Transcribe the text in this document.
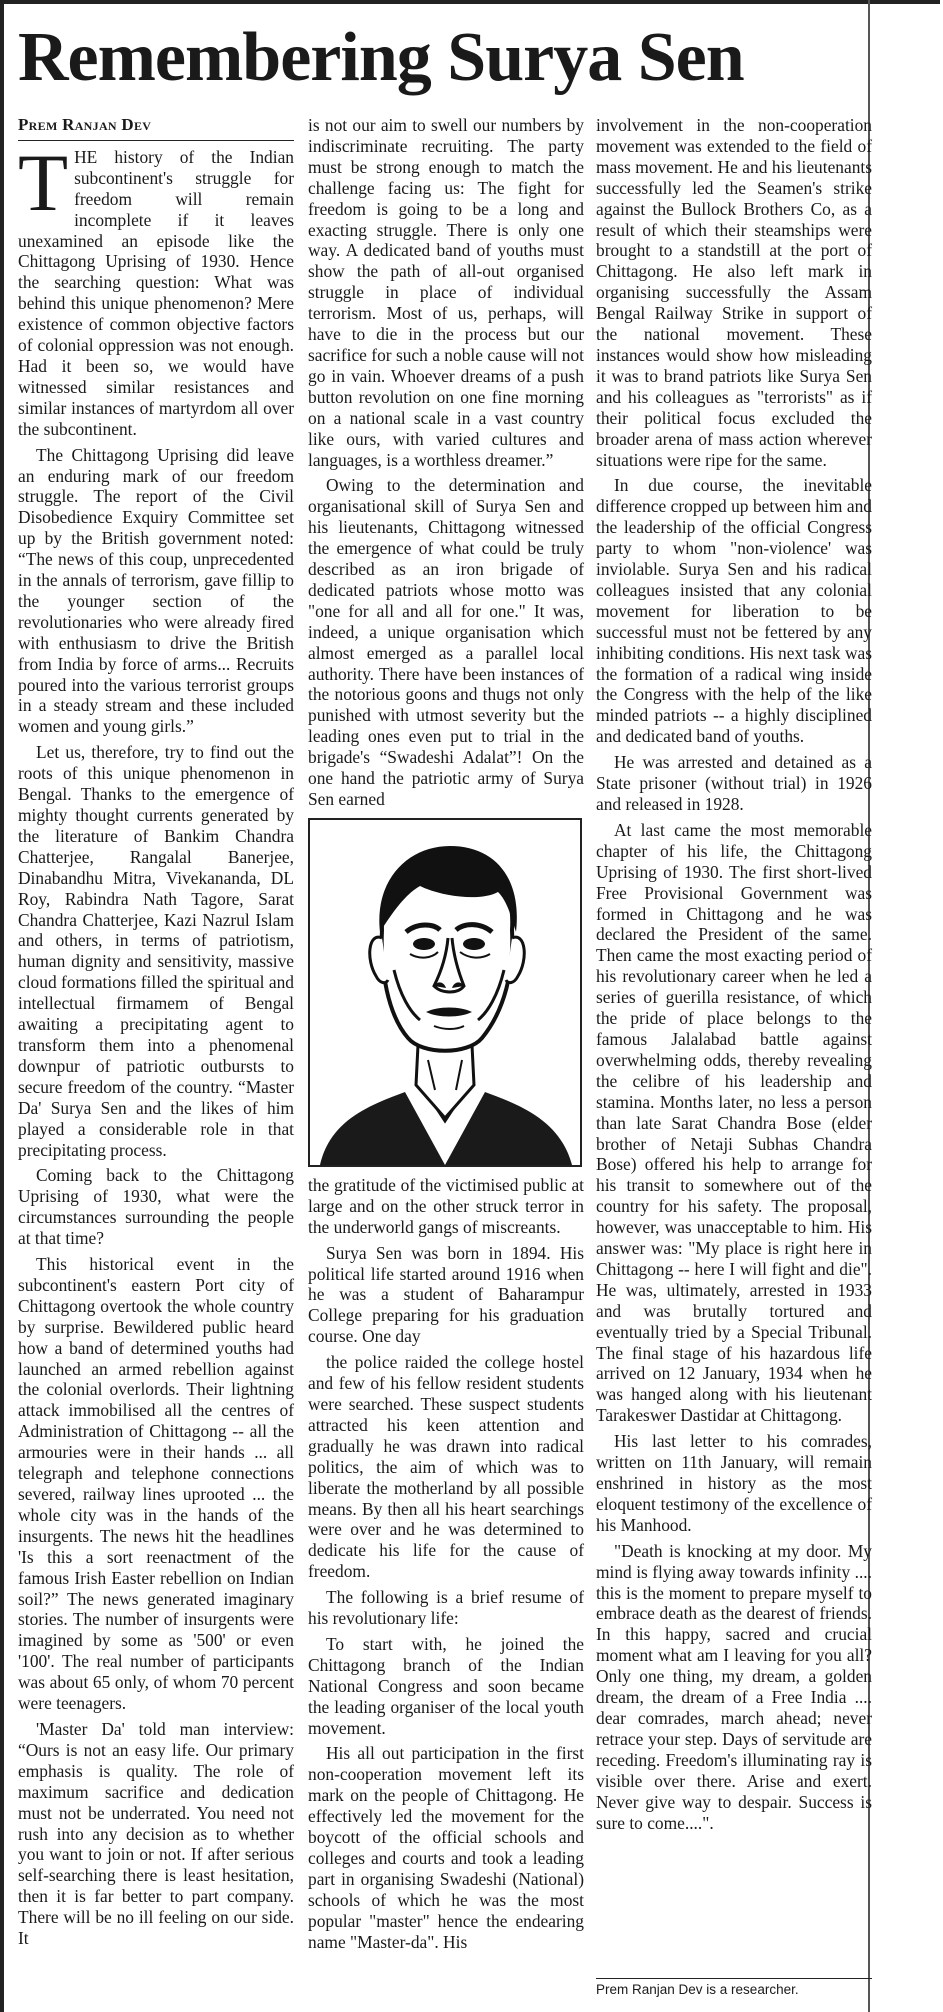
Remembering Surya Sen
Prem Ranjan Dev

THE history of the Indian subcontinent's struggle for freedom will remain incomplete if it leaves unexamined an episode like the Chittagong Uprising of 1930. Hence the searching question: What was behind this unique phenomenon? Mere existence of common objective factors of colonial oppression was not enough. Had it been so, we would have witnessed similar resistances and similar instances of martyrdom all over the subcontinent.

The Chittagong Uprising did leave an enduring mark of our freedom struggle. The report of the Civil Disobedience Exquiry Committee set up by the British government noted: “The news of this coup, unprecedented in the annals of terrorism, gave fillip to the younger section of the revolutionaries who were already fired with enthusiasm to drive the British from India by force of arms... Recruits poured into the various terrorist groups in a steady stream and these included women and young girls.”

Let us, therefore, try to find out the roots of this unique phenomenon in Bengal. Thanks to the emergence of mighty thought currents generated by the literature of Bankim Chandra Chatterjee, Rangalal Banerjee, Dinabandhu Mitra, Vivekananda, DL Roy, Rabindra Nath Tagore, Sarat Chandra Chatterjee, Kazi Nazrul Islam and others, in terms of patriotism, human dignity and sensitivity, massive cloud formations filled the spiritual and intellectual firmamem of Bengal awaiting a precipitating agent to transform them into a phenomenal downpur of patriotic outbursts to secure freedom of the country. “Master Da' Surya Sen and the likes of him played a considerable role in that precipitating process.

Coming back to the Chittagong Uprising of 1930, what were the circumstances surrounding the people at that time?

This historical event in the subcontinent's eastern Port city of Chittagong overtook the whole country by surprise. Bewildered public heard how a band of determined youths had launched an armed rebellion against the colonial overlords. Their lightning attack immobilised all the centres of Administration of Chittagong -- all the armouries were in their hands ... all telegraph and telephone connections severed, railway lines uprooted ... the whole city was in the hands of the insurgents. The news hit the headlines 'Is this a sort reenactment of the famous Irish Easter rebellion on Indian soil?” The news generated imaginary stories. The number of insurgents were imagined by some as '500' or even '100'. The real number of participants was about 65 only, of whom 70 percent were teenagers.

'Master Da' told man interview: “Ours is not an easy life. Our primary emphasis is quality. The role of maximum sacrifice and dedication must not be underrated. You need not rush into any decision as to whether you want to join or not. If after serious self-searching there is least hesitation, then it is far better to part company. There will be no ill feeling on our side. It

is not our aim to swell our numbers by indiscriminate recruiting. The party must be strong enough to match the challenge facing us: The fight for freedom is going to be a long and exacting struggle. There is only one way. A dedicated band of youths must show the path of all-out organised struggle in place of individual terrorism. Most of us, perhaps, will have to die in the process but our sacrifice for such a noble cause will not go in vain. Whoever dreams of a push button revolution on one fine morning on a national scale in a vast country like ours, with varied cultures and languages, is a worthless dreamer.”

Owing to the determination and organisational skill of Surya Sen and his lieutenants, Chittagong witnessed the emergence of what could be truly described as an iron brigade of dedicated patriots whose motto was "one for all and all for one." It was, indeed, a unique organisation which almost emerged as a parallel local authority. There have been instances of the notorious goons and thugs not only punished with utmost severity but the leading ones even put to trial in the brigade's “Swadeshi Adalat”! On the one hand the patriotic army of Surya Sen earned

the gratitude of the victimised public at large and on the other struck terror in the underworld gangs of miscreants.

Surya Sen was born in 1894. His political life started around 1916 when he was a student of Baharampur College preparing for his graduation course. One day

the police raided the college hostel and few of his fellow resident students were searched. These suspect students attracted his keen attention and gradually he was drawn into radical politics, the aim of which was to liberate the motherland by all possible means. By then all his heart searchings were over and he was determined to dedicate his life for the cause of freedom.

The following is a brief resume of his revolutionary life:

To start with, he joined the Chittagong branch of the Indian National Congress and soon became the leading organiser of the local youth movement.

His all out participation in the first non-cooperation movement left its mark on the people of Chittagong. He effectively led the movement for the boycott of the official schools and colleges and courts and took a leading part in organising Swadeshi (National) schools of which he was the most popular "master" hence the endearing name "Master-da". His

involvement in the non-cooperation movement was extended to the field of mass movement. He and his lieutenants successfully led the Seamen's strike against the Bullock Brothers Co, as a result of which their steamships were brought to a standstill at the port of Chittagong. He also left mark in organising successfully the Assam Bengal Railway Strike in support of the national movement. These instances would show how misleading it was to brand patriots like Surya Sen and his colleagues as "terrorists" as if their political focus excluded the broader arena of mass action wherever situations were ripe for the same.

In due course, the inevitable difference cropped up between him and the leadership of the official Congress party to whom "non-violence' was inviolable. Surya Sen and his radical colleagues insisted that any colonial movement for liberation to be successful must not be fettered by any inhibiting conditions. His next task was the formation of a radical wing inside the Congress with the help of the like minded patriots -- a highly disciplined and dedicated band of youths.

He was arrested and detained as a State prisoner (without trial) in 1926 and released in 1928.

At last came the most memorable chapter of his life, the Chittagong Uprising of 1930. The first short-lived Free Provisional Government was formed in Chittagong and he was declared the President of the same. Then came the most exacting period of his revolutionary career when he led a series of guerilla resistance, of which the pride of place belongs to the famous Jalalabad battle against overwhelming odds, thereby revealing the celibre of his leadership and stamina. Months later, no less a person than late Sarat Chandra Bose (elder brother of Netaji Subhas Chandra Bose) offered his help to arrange for his transit to somewhere out of the country for his safety. The proposal, however, was unacceptable to him. His answer was: "My place is right here in Chittagong -- here I will fight and die". He was, ultimately, arrested in 1933 and was brutally tortured and eventually tried by a Special Tribunal. The final stage of his hazardous life arrived on 12 January, 1934 when he was hanged along with his lieutenant Tarakeswer Dastidar at Chittagong.

His last letter to his comrades, written on 11th January, will remain enshrined in history as the most eloquent testimony of the excellence of his Manhood.

"Death is knocking at my door. My mind is flying away towards infinity .... this is the moment to prepare myself to embrace death as the dearest of friends. In this happy, sacred and crucial moment what am I leaving for you all? Only one thing, my dream, a golden dream, the dream of a Free India .... dear comrades, march ahead; never retrace your step. Days of servitude are receding. Freedom's illuminating ray is visible over there. Arise and exert. Never give way to despair. Success is sure to come....".

Prem Ranjan Dev is a researcher.
